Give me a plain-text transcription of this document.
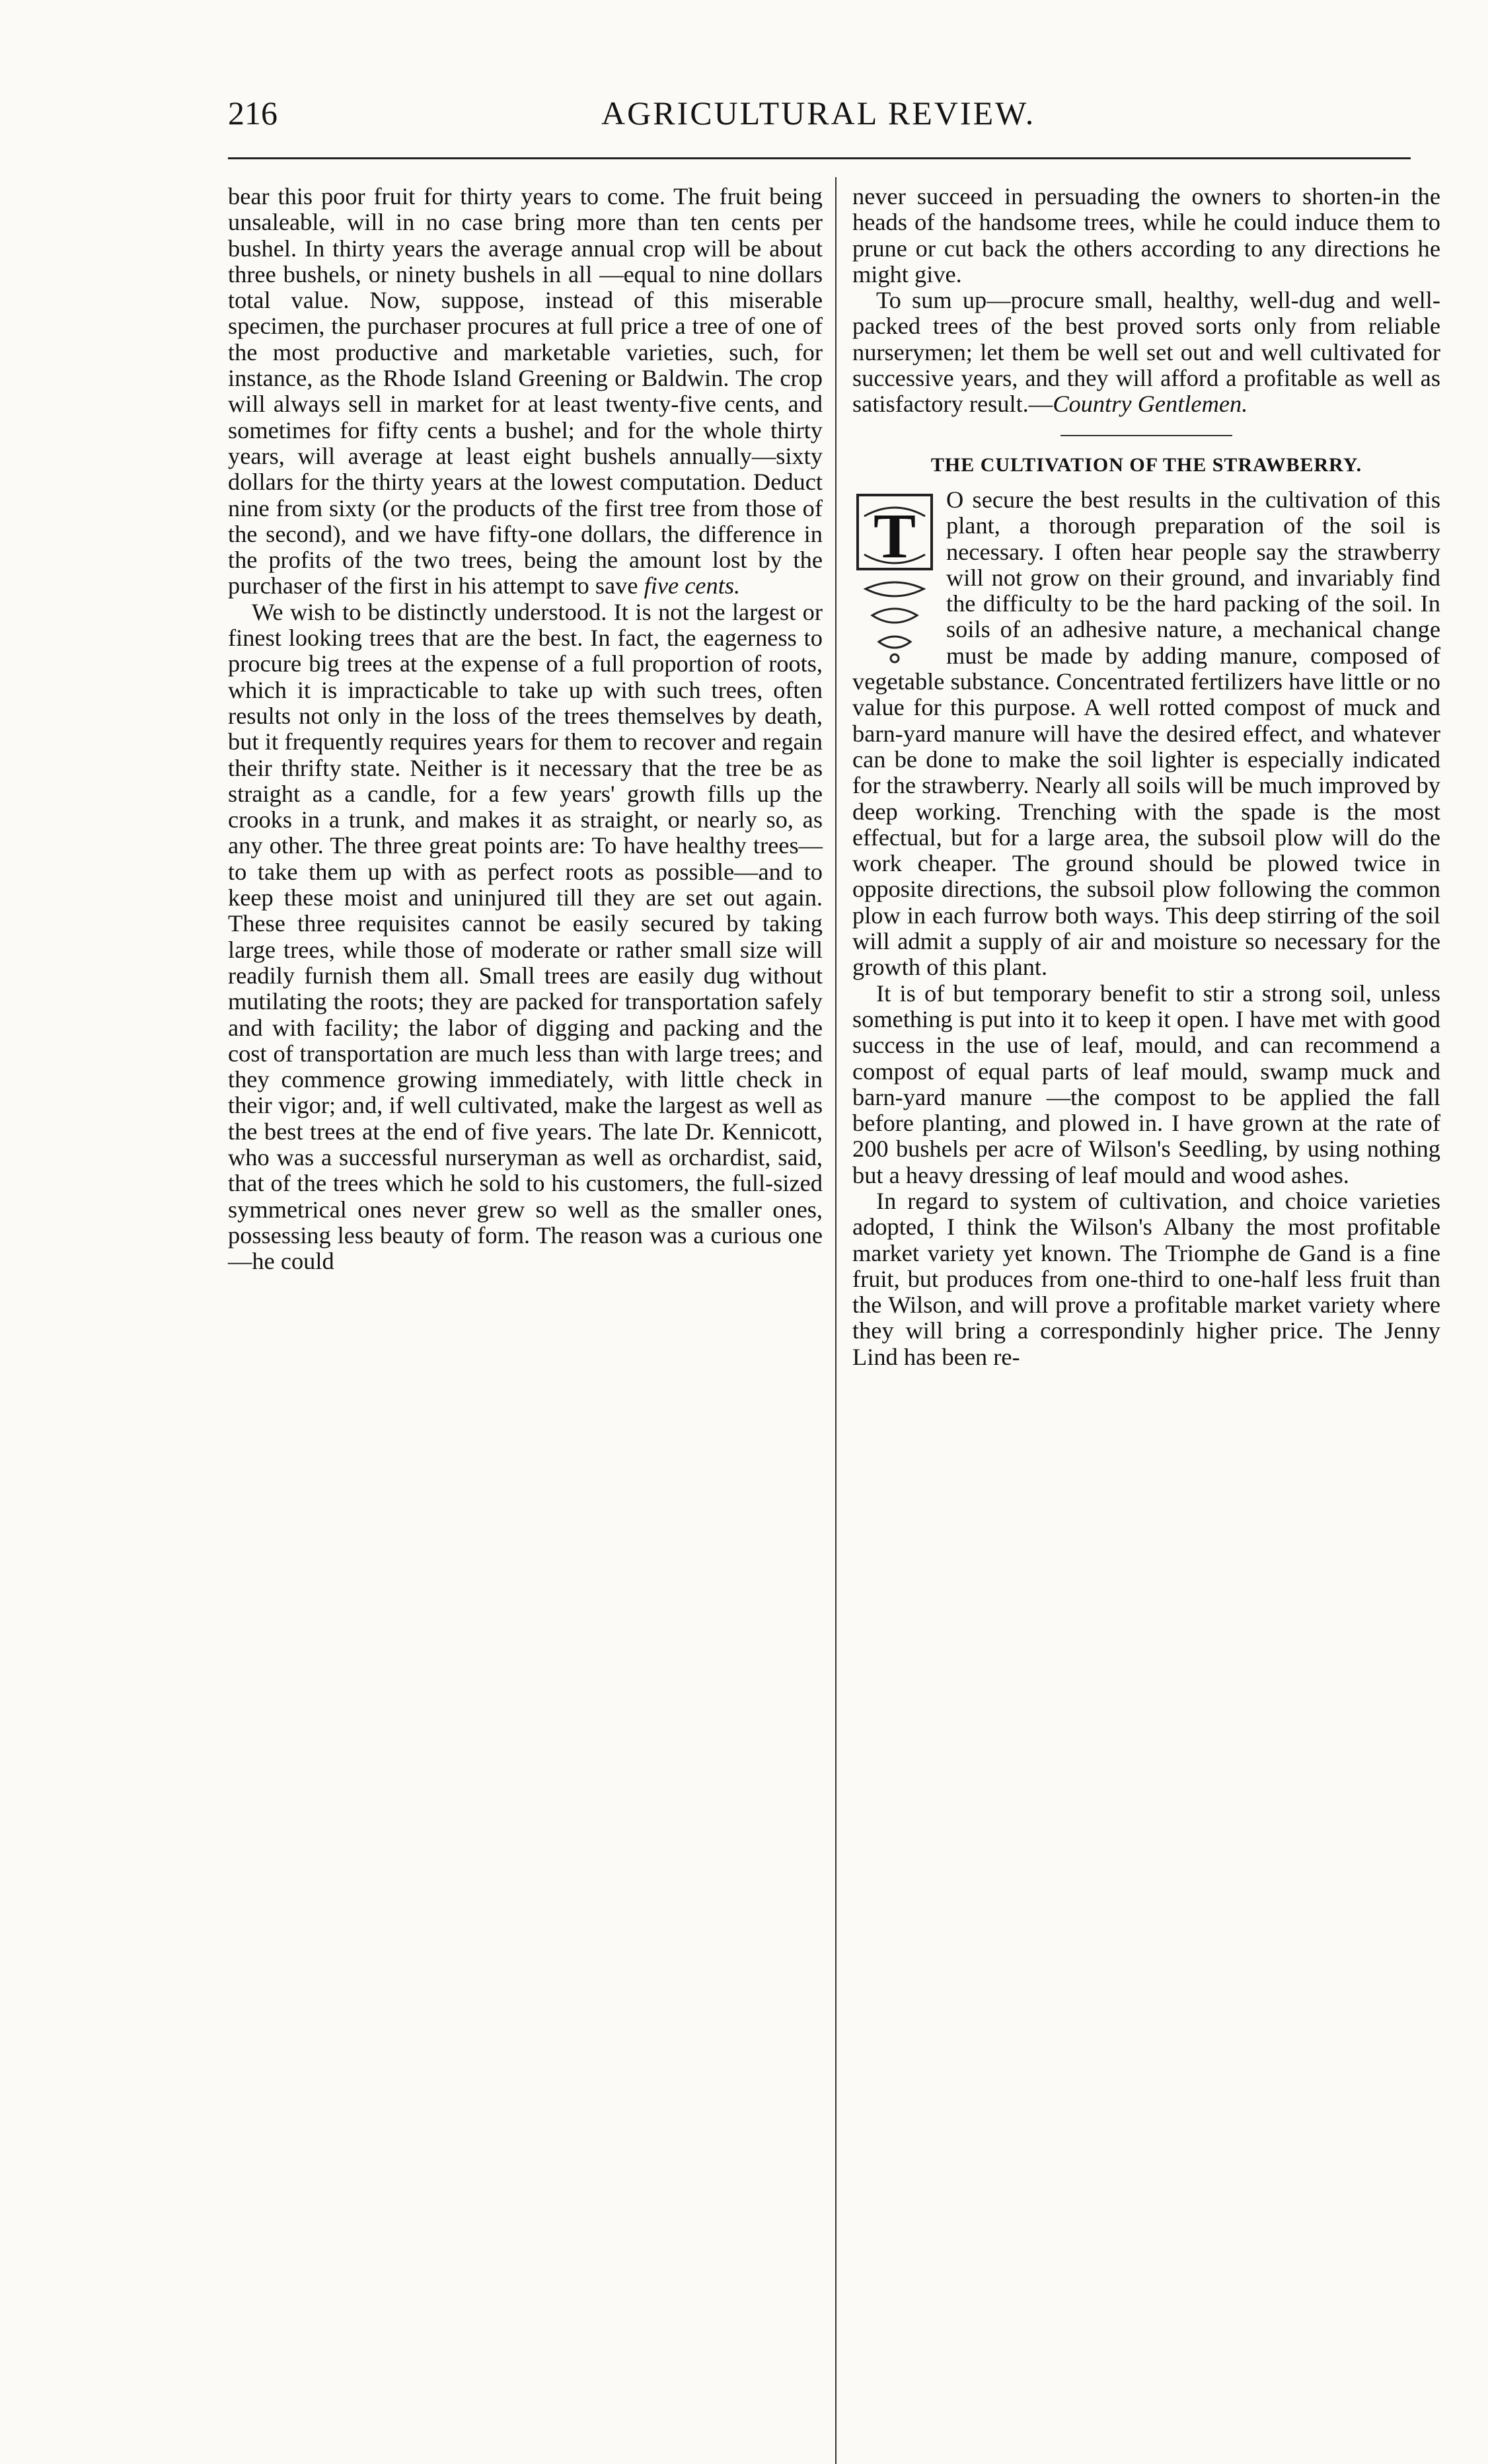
216	AGRICULTURAL REVIEW.

bear this poor fruit for thirty years to come. The fruit being unsaleable, will in no case bring more than ten cents per bushel. In thirty years the average annual crop will be about three bushels, or ninety bushels in all —equal to nine dollars total value. Now, suppose, instead of this miserable specimen, the purchaser procures at full price a tree of one of the most productive and marketable varieties, such, for instance, as the Rhode Island Greening or Baldwin. The crop will always sell in market for at least twenty-five cents, and sometimes for fifty cents a bushel; and for the whole thirty years, will average at least eight bushels annually—sixty dollars for the thirty years at the lowest computation. Deduct nine from sixty (or the products of the first tree from those of the second), and we have fifty-one dollars, the difference in the profits of the two trees, being the amount lost by the purchaser of the first in his attempt to save five cents.

We wish to be distinctly understood. It is not the largest or finest looking trees that are the best. In fact, the eagerness to procure big trees at the expense of a full proportion of roots, which it is impracticable to take up with such trees, often results not only in the loss of the trees themselves by death, but it frequently requires years for them to recover and regain their thrifty state. Neither is it necessary that the tree be as straight as a candle, for a few years' growth fills up the crooks in a trunk, and makes it as straight, or nearly so, as any other. The three great points are: To have healthy trees—to take them up with as perfect roots as possible—and to keep these moist and uninjured till they are set out again. These three requisites cannot be easily secured by taking large trees, while those of moderate or rather small size will readily furnish them all. Small trees are easily dug without mutilating the roots; they are packed for transportation safely and with facility; the labor of digging and packing and the cost of transportation are much less than with large trees; and they commence growing immediately, with little check in their vigor; and, if well cultivated, make the largest as well as the best trees at the end of five years. The late Dr. Kennicott, who was a successful nurseryman as well as orchardist, said, that of the trees which he sold to his customers, the full-sized symmetrical ones never grew so well as the smaller ones, possessing less beauty of form. The reason was a curious one—he could

never succeed in persuading the owners to shorten-in the heads of the handsome trees, while he could induce them to prune or cut back the others according to any directions he might give.

To sum up—procure small, healthy, well-dug and well-packed trees of the best proved sorts only from reliable nurserymen; let them be well set out and well cultivated for successive years, and they will afford a profitable as well as satisfactory result.—Country Gentlemen.

THE CULTIVATION OF THE STRAWBERRY.

T
O secure the best results in the cultivation of this plant, a thorough preparation of the soil is necessary. I often hear people say the strawberry will not grow on their ground, and invariably find the difficulty to be the hard packing of the soil. In soils of an adhesive nature, a mechanical change must be made by adding manure, composed of vegetable substance. Concentrated fertilizers have little or no value for this purpose. A well rotted compost of muck and barn-yard manure will have the desired effect, and whatever can be done to make the soil lighter is especially indicated for the strawberry. Nearly all soils will be much improved by deep working. Trenching with the spade is the most effectual, but for a large area, the subsoil plow will do the work cheaper. The ground should be plowed twice in opposite directions, the subsoil plow following the common plow in each furrow both ways. This deep stirring of the soil will admit a supply of air and moisture so necessary for the growth of this plant.

It is of but temporary benefit to stir a strong soil, unless something is put into it to keep it open. I have met with good success in the use of leaf, mould, and can recommend a compost of equal parts of leaf mould, swamp muck and barn-yard manure —the compost to be applied the fall before planting, and plowed in. I have grown at the rate of 200 bushels per acre of Wilson's Seedling, by using nothing but a heavy dressing of leaf mould and wood ashes.

In regard to system of cultivation, and choice varieties adopted, I think the Wilson's Albany the most profitable market variety yet known. The Triomphe de Gand is a fine fruit, but produces from one-third to one-half less fruit than the Wilson, and will prove a profitable market variety where they will bring a correspondinly higher price. The Jenny Lind has been re-
